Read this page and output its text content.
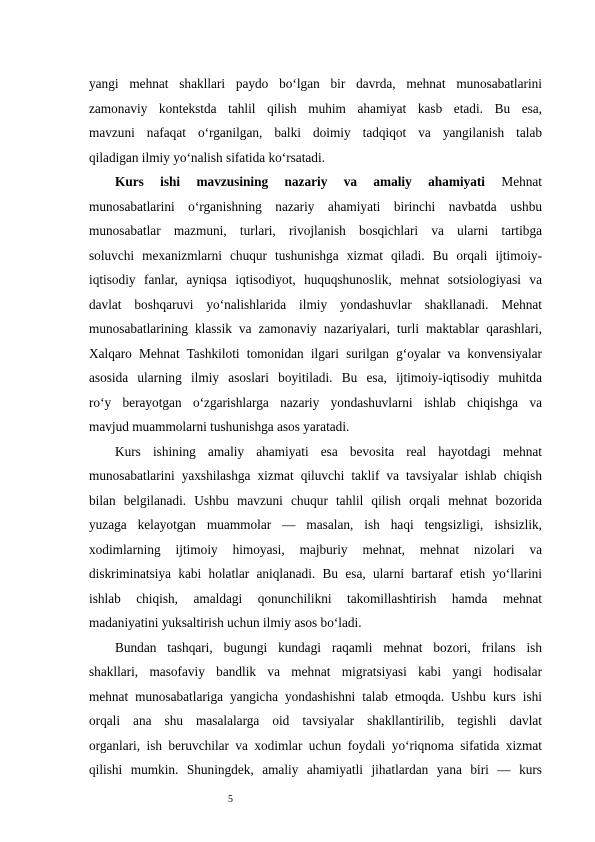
yangi mehnat shakllari paydo bo‘lgan bir davrda, mehnat munosabatlarini
zamonaviy kontekstda tahlil qilish muhim ahamiyat kasb etadi. Bu esa,
mavzuni nafaqat o‘rganilgan, balki doimiy tadqiqot va yangilanish talab
qiladigan ilmiy yo‘nalish sifatida ko‘rsatadi.
Kurs ishi mavzusining nazariy va amaliy ahamiyati Mehnat
munosabatlarini o‘rganishning nazariy ahamiyati birinchi navbatda ushbu
munosabatlar mazmuni, turlari, rivojlanish bosqichlari va ularni tartibga
soluvchi mexanizmlarni chuqur tushunishga xizmat qiladi. Bu orqali ijtimoiy-
iqtisodiy fanlar, ayniqsa iqtisodiyot, huquqshunoslik, mehnat sotsiologiyasi va
davlat boshqaruvi yo‘nalishlarida ilmiy yondashuvlar shakllanadi. Mehnat
munosabatlarining klassik va zamonaviy nazariyalari, turli maktablar qarashlari,
Xalqaro Mehnat Tashkiloti tomonidan ilgari surilgan g‘oyalar va konvensiyalar
asosida ularning ilmiy asoslari boyitiladi. Bu esa, ijtimoiy-iqtisodiy muhitda
ro‘y berayotgan o‘zgarishlarga nazariy yondashuvlarni ishlab chiqishga va
mavjud muammolarni tushunishga asos yaratadi.
Kurs ishining amaliy ahamiyati esa bevosita real hayotdagi mehnat
munosabatlarini yaxshilashga xizmat qiluvchi taklif va tavsiyalar ishlab chiqish
bilan belgilanadi. Ushbu mavzuni chuqur tahlil qilish orqali mehnat bozorida
yuzaga kelayotgan muammolar — masalan, ish haqi tengsizligi, ishsizlik,
xodimlarning ijtimoiy himoyasi, majburiy mehnat, mehnat nizolari va
diskriminatsiya kabi holatlar aniqlanadi. Bu esa, ularni bartaraf etish yo‘llarini
ishlab chiqish, amaldagi qonunchilikni takomillashtirish hamda mehnat
madaniyatini yuksaltirish uchun ilmiy asos bo‘ladi.
Bundan tashqari, bugungi kundagi raqamli mehnat bozori, frilans ish
shakllari, masofaviy bandlik va mehnat migratsiyasi kabi yangi hodisalar
mehnat munosabatlariga yangicha yondashishni talab etmoqda. Ushbu kurs ishi
orqali ana shu masalalarga oid tavsiyalar shakllantirilib, tegishli davlat
organlari, ish beruvchilar va xodimlar uchun foydali yo‘riqnoma sifatida xizmat
qilishi mumkin. Shuningdek, amaliy ahamiyatli jihatlardan yana biri — kurs
5
